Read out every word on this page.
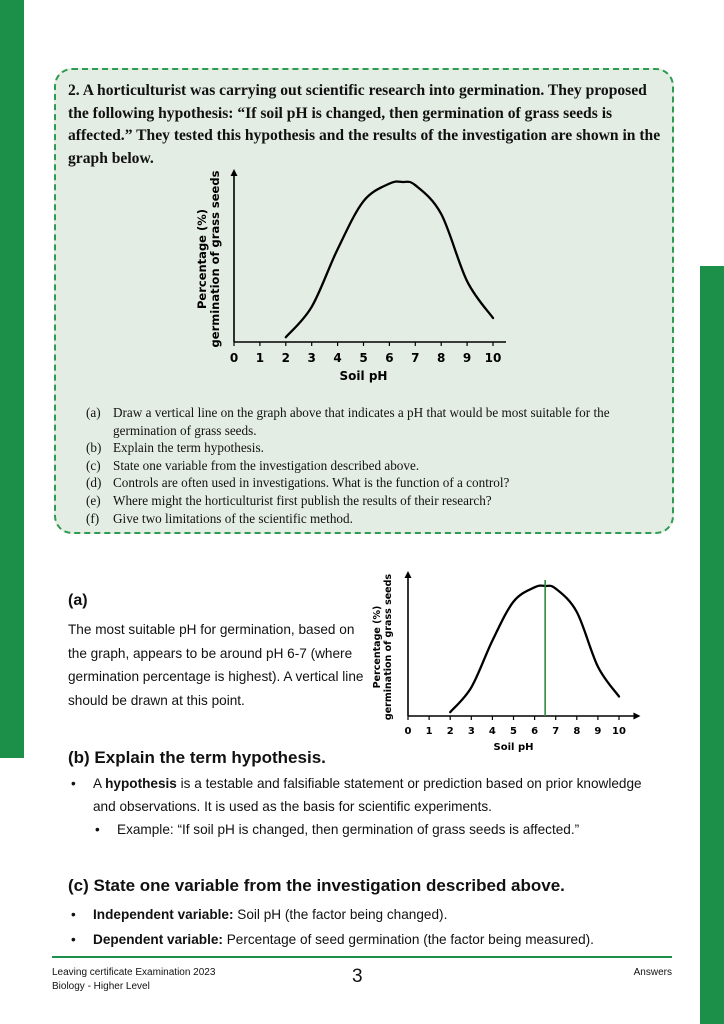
2. A horticulturist was carrying out scientific research into germination. They proposed the following hypothesis: “If soil pH is changed, then germination of grass seeds is affected.” They tested this hypothesis and the results of the investigation are shown in the graph below.
0 1 2 3 4 5 6 7 8 9 10
Soil pH
Percentage (%)germination of grass seeds
(a) Draw a vertical line on the graph above that indicates a pH that would be most suitable for the germination of grass seeds.
(b) Explain the term hypothesis.
(c) State one variable from the investigation described above.
(d) Controls are often used in investigations. What is the function of a control?
(e) Where might the horticulturist first publish the results of their research?
(f) Give two limitations of the scientific method.
(a)
The most suitable pH for germination, based on the graph, appears to be around pH 6-7 (where germination percentage is highest). A vertical line should be drawn at this point.
0 1 2 3 4 5 6 7 8 9 10
Soil pH
Percentage (%)germination of grass seeds
(b) Explain the term hypothesis.
• A hypothesis is a testable and falsifiable statement or prediction based on prior knowledge and observations. It is used as the basis for scientific experiments.
• Example: “If soil pH is changed, then germination of grass seeds is affected.”
(c) State one variable from the investigation described above.
• Independent variable: Soil pH (the factor being changed).
• Dependent variable: Percentage of seed germination (the factor being measured).
Leaving certificate Examination 2023
Biology - Higher Level	3	Answers
